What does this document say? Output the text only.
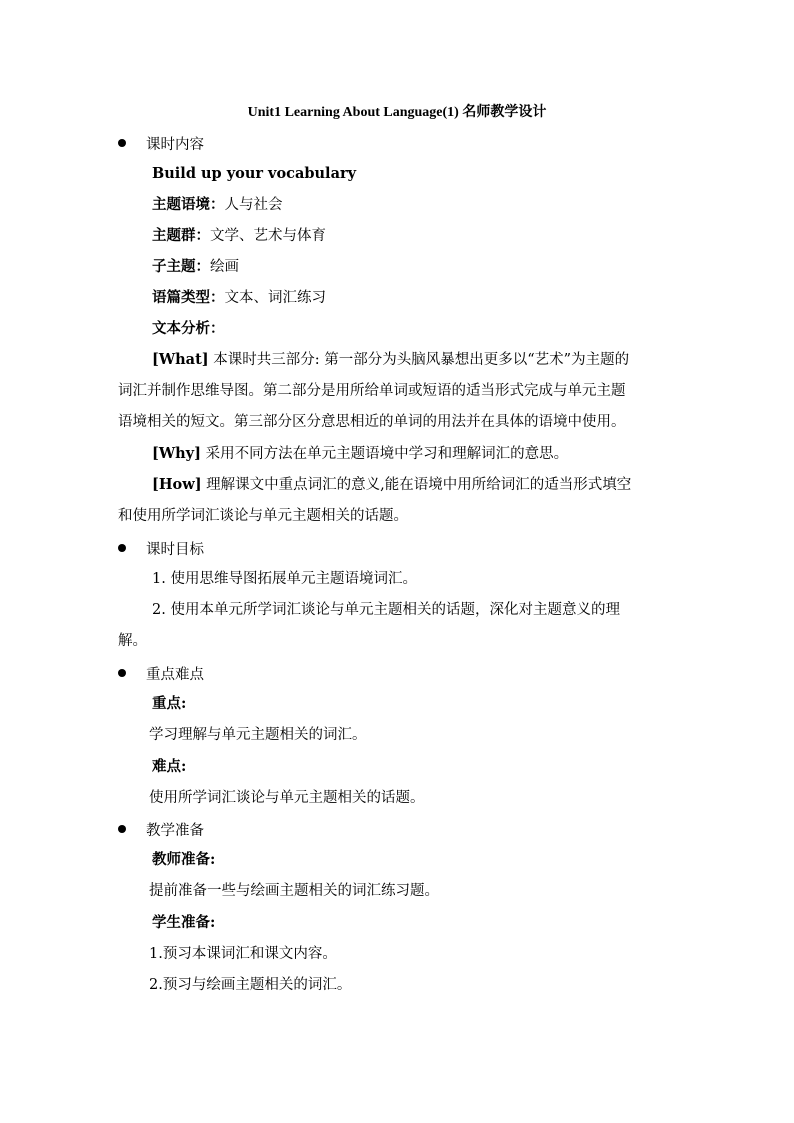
Unit1 Learning About Language(1) 名师教学设计
课时内容
Build up your vocabulary
主题语境：人与社会
主题群：文学、艺术与体育
子主题：绘画
语篇类型：文本、词汇练习
文本分析：
[What] 本课时共三部分: 第一部分为头脑风暴想出更多以“艺术”为主题的
词汇并制作思维导图。第二部分是用所给单词或短语的适当形式完成与单元主题
语境相关的短文。第三部分区分意思相近的单词的用法并在具体的语境中使用。
[Why] 采用不同方法在单元主题语境中学习和理解词汇的意思。
[How] 理解课文中重点词汇的意义,能在语境中用所给词汇的适当形式填空
和使用所学词汇谈论与单元主题相关的话题。
课时目标
1. 使用思维导图拓展单元主题语境词汇。
2. 使用本单元所学词汇谈论与单元主题相关的话题，深化对主题意义的理
解。
重点难点
重点:
学习理解与单元主题相关的词汇。
难点:
使用所学词汇谈论与单元主题相关的话题。
教学准备
教师准备:
提前准备一些与绘画主题相关的词汇练习题。
学生准备:
1.预习本课词汇和课文内容。
2.预习与绘画主题相关的词汇。
